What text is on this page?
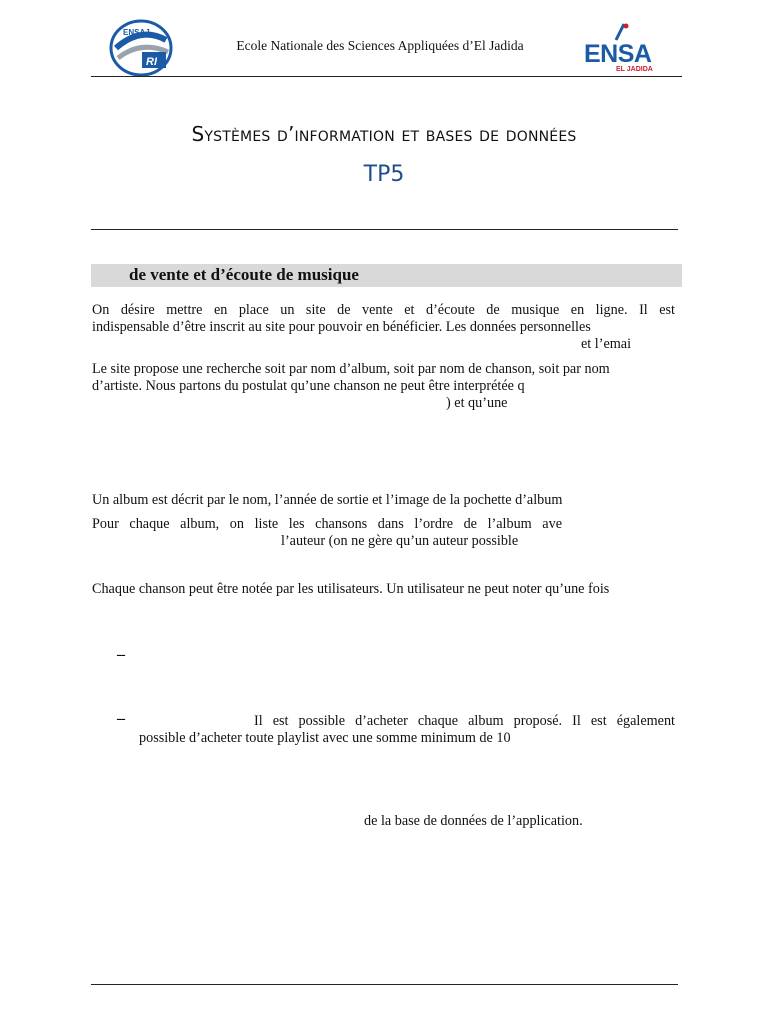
ENSAJ
RI
Ecole Nationale des Sciences Appliquées d’El Jadida	ENSA
EL JADIDA
Systèmes d’information et bases de données
TP5
de vente et d’écoute de musique
On désire mettre en place un site de vente et d’écoute de musique en ligne. Il est
indispensable d’être inscrit au site pour pouvoir en bénéficier. Les données personnelles
et l’emai
Le site propose une recherche soit par nom d’album, soit par nom de chanson, soit par nom
d’artiste. Nous partons du postulat qu’une chanson ne peut être interprétée q
) et qu’une
Un album est décrit par le nom, l’année de sortie et l’image de la pochette d’album
Pour chaque album, on liste les chansons dans l’ordre de l’album ave
l’auteur (on ne gère qu’un auteur possible
Chaque chanson peut être notée par les utilisateurs. Un utilisateur ne peut noter qu’une fois
–
–	Il est possible d’acheter chaque album proposé. Il est également
possible d’acheter toute playlist avec une somme minimum de 10
de la base de données de l’application.
